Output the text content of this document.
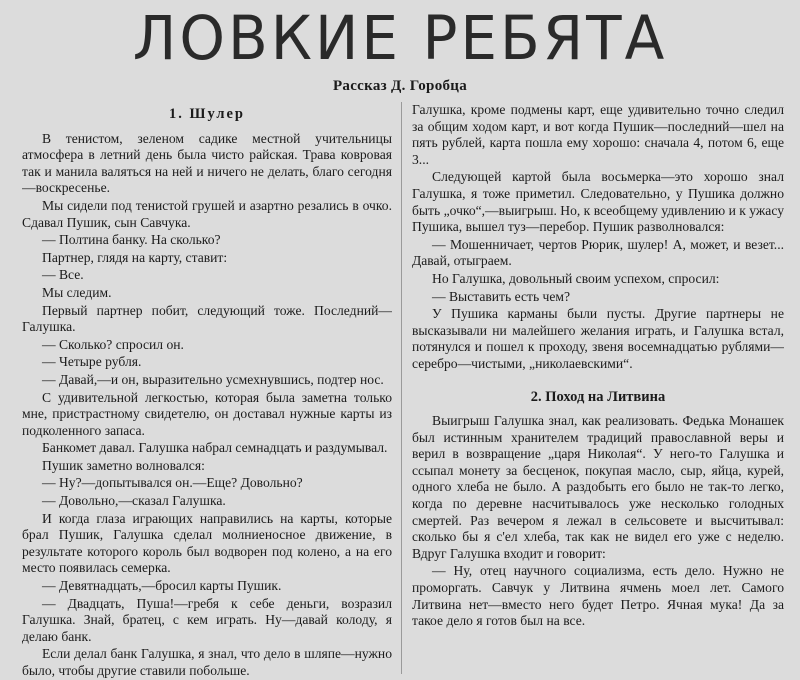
ЛОВКИЕ РЕБЯТА
Рассказ Д. Горобца
1. Шулер

В тенистом, зеленом садике местной учительницы атмосфера в летний день была чисто райская. Трава ковровая так и манила валяться на ней и ничего не делать, благо сегодня—воскресенье.

Мы сидели под тенистой грушей и азартно резались в очко. Сдавал Пушик, сын Савчука.

— Полтина банку. На сколько?

Партнер, глядя на карту, ставит:

— Все.

Мы следим.

Первый партнер побит, следующий тоже. Последний—Галушка.

— Сколько? спросил он.

— Четыре рубля.

— Давай,—и он, выразительно усмехнувшись, подтер нос.

С удивительной легкостью, которая была заметна только мне, пристрастному свидетелю, он доставал нужные карты из подколенного запаса.

Банкомет давал. Галушка набрал семнадцать и раздумывал.

Пушик заметно волновался:

— Ну?—допытывался он.—Еще? Довольно?

— Довольно,—сказал Галушка.

И когда глаза играющих направились на карты, которые брал Пушик, Галушка сделал молниеносное движение, в результате которого король был водворен под колено, а на его место появилась семерка.

— Девятнадцать,—бросил карты Пушик.

— Двадцать, Пуша!—гребя к себе деньги, возразил Галушка. Знай, братец, с кем играть. Ну—давай колоду, я делаю банк.

Если делал банк Галушка, я знал, что дело в шляпе—нужно было, чтобы другие ставили побольше.

Галушка, кроме подмены карт, еще удивительно точно следил за общим ходом карт, и вот когда Пушик—последний—шел на пять рублей, карта пошла ему хорошо: сначала 4, потом 6, еще 3...

Следующей картой была восьмерка—это хорошо знал Галушка, я тоже приметил. Следовательно, у Пушика должно быть „очко“,—выигрыш. Но, к всеобщему удивлению и к ужасу Пушика, вышел туз—перебор. Пушик разволновался:

— Мошенничает, чертов Рюрик, шулер! А, может, и везет... Давай, отыграем.

Но Галушка, довольный своим успехом, спросил:

— Выставить есть чем?

У Пушика карманы были пусты. Другие партнеры не высказывали ни малейшего желания играть, и Галушка встал, потянулся и пошел к проходу, звеня восемнадцатью рублями—серебро—чистыми, „николаевскими“.

2. Поход на Литвина

Выигрыш Галушка знал, как реализовать. Федька Монашек был истинным хранителем традиций православной веры и верил в возвращение „царя Николая“. У него-то Галушка и ссыпал монету за бесценок, покупая масло, сыр, яйца, курей, одного хлеба не было. А раздобыть его было не так-то легко, когда по деревне насчитывалось уже несколько голодных смертей. Раз вечером я лежал в сельсовете и высчитывал: сколько бы я с'ел хлеба, так как не видел его уже с неделю. Вдруг Галушка входит и говорит:

— Ну, отец научного социализма, есть дело. Нужно не проморгать. Савчук у Литвина ячмень моел лет. Самого Литвина нет—вместо него будет Петро. Ячная мука! Да за такое дело я готов был на все.
